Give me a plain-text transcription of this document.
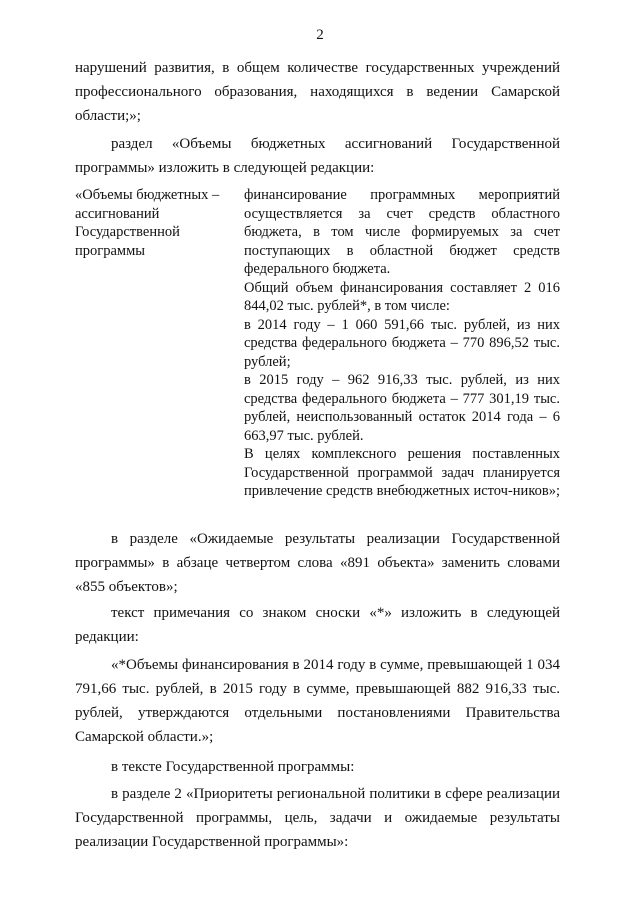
2

нарушений развития, в общем количестве государственных учреждений профессионального образования, находящихся в ведении Самарской области;»;

раздел «Объемы бюджетных ассигнований Государственной программы» изложить в следующей редакции:

«Объемы бюджетных –
ассигнований
Государственной
программы

финансирование программных мероприятий осуществляется за счет средств областного бюджета, в том числе формируемых за счет поступающих в областной бюджет средств федерального бюджета.

Общий объем финансирования составляет 2 016 844,02 тыс. рублей*, в том числе:

в 2014 году – 1 060 591,66 тыс. рублей, из них средства федерального бюджета – 770 896,52 тыс. рублей;

в 2015 году – 962 916,33 тыс. рублей, из них средства федерального бюджета – 777 301,19 тыс. рублей, неиспользованный остаток 2014 года – 6 663,97 тыс. рублей.

В целях комплексного решения поставленных Государственной программой задач планируется привлечение средств внебюджетных источ-ников»;

в разделе «Ожидаемые результаты реализации Государственной программы» в абзаце четвертом слова «891 объекта» заменить словами «855 объектов»;

текст примечания со знаком сноски «*» изложить в следующей редакции:

«*Объемы финансирования в 2014 году в сумме, превышающей 1 034 791,66 тыс. рублей, в 2015 году в сумме, превышающей 882 916,33 тыс. рублей, утверждаются отдельными постановлениями Правительства Самарской области.»;

в тексте Государственной программы:

в разделе 2 «Приоритеты региональной политики в сфере реализации Государственной программы, цель, задачи и ожидаемые результаты реализации Государственной программы»:
